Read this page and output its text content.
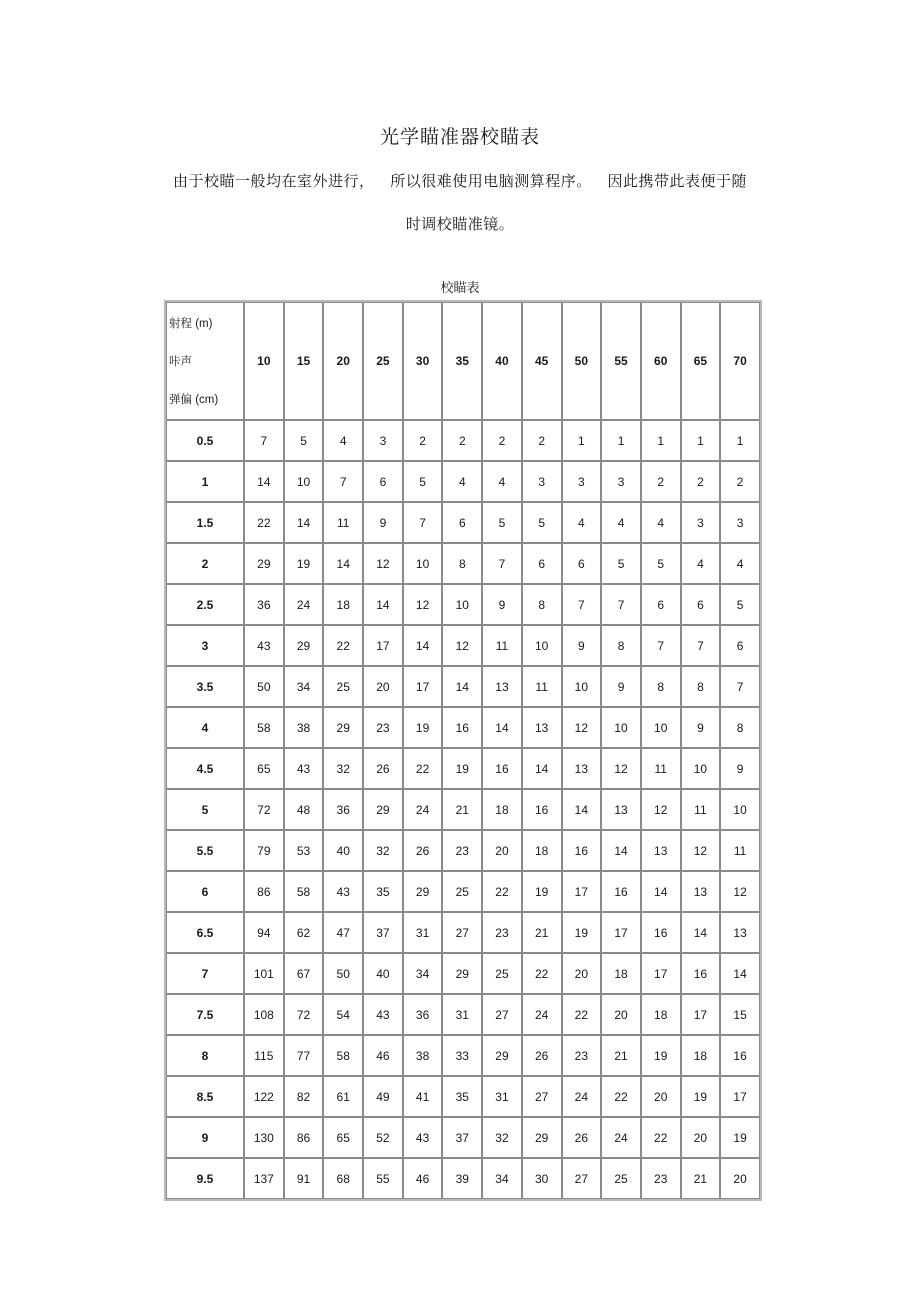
光学瞄准器校瞄表
由于校瞄一般均在室外进行，   所以很难使用电脑测算程序。   因此携带此表便于随
时调校瞄准镜。
校瞄表
射程 (m)
咔声
弹偏 (cm)	10	15	20	25	30	35	40	45	50	55	60	65	70
0.5	7	5	4	3	2	2	2	2	1	1	1	1	1
1	14	10	7	6	5	4	4	3	3	3	2	2	2
1.5	22	14	11	9	7	6	5	5	4	4	4	3	3
2	29	19	14	12	10	8	7	6	6	5	5	4	4
2.5	36	24	18	14	12	10	9	8	7	7	6	6	5
3	43	29	22	17	14	12	11	10	9	8	7	7	6
3.5	50	34	25	20	17	14	13	11	10	9	8	8	7
4	58	38	29	23	19	16	14	13	12	10	10	9	8
4.5	65	43	32	26	22	19	16	14	13	12	11	10	9
5	72	48	36	29	24	21	18	16	14	13	12	11	10
5.5	79	53	40	32	26	23	20	18	16	14	13	12	11
6	86	58	43	35	29	25	22	19	17	16	14	13	12
6.5	94	62	47	37	31	27	23	21	19	17	16	14	13
7	101	67	50	40	34	29	25	22	20	18	17	16	14
7.5	108	72	54	43	36	31	27	24	22	20	18	17	15
8	115	77	58	46	38	33	29	26	23	21	19	18	16
8.5	122	82	61	49	41	35	31	27	24	22	20	19	17
9	130	86	65	52	43	37	32	29	26	24	22	20	19
9.5	137	91	68	55	46	39	34	30	27	25	23	21	20
